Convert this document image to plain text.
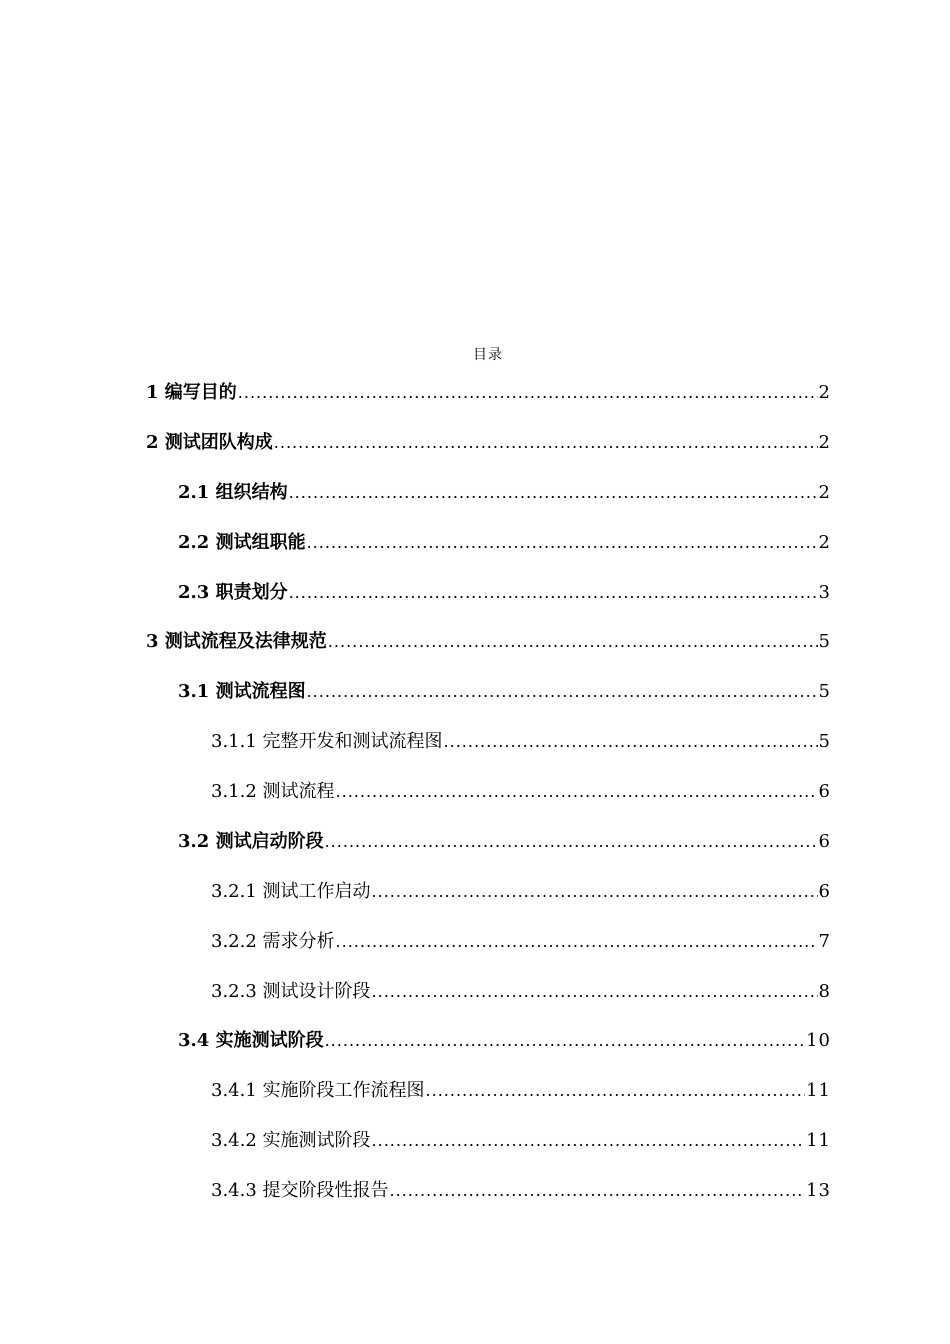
目录
1 编写目的 .....	2
2 测试团队构成 .....	2
2.1 组织结构 .....	2
2.2 测试组职能 .....	2
2.3 职责划分 .....	3
3 测试流程及法律规范 .....	5
3.1 测试流程图 .....	5
3.1.1 完整开发和测试流程图 .....	5
3.1.2 测试流程 .....	6
3.2 测试启动阶段 .....	6
3.2.1 测试工作启动 .....	6
3.2.2 需求分析 .....	7
3.2.3 测试设计阶段 .....	8
3.4 实施测试阶段 .....	10
3.4.1 实施阶段工作流程图 .....	11
3.4.2 实施测试阶段 .....	11
3.4.3 提交阶段性报告 .....	13
